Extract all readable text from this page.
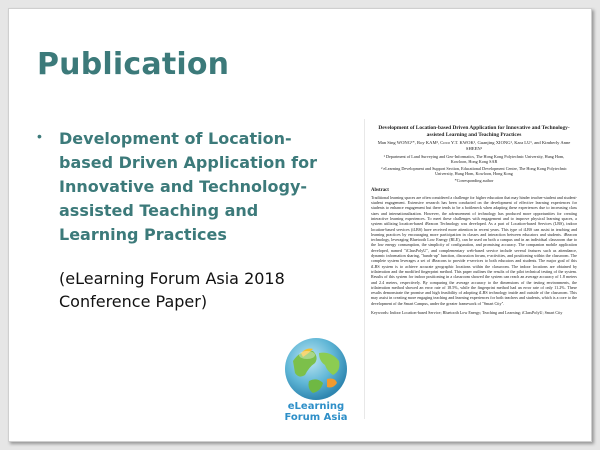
Publication
• Development of Location-based Driven Application for Innovative and Technology-assisted Teaching and Learning Practices
(eLearning Forum Asia 2018 Conference Paper)
eLearning
Forum Asia
Development of Location-based Driven Application for Innovative and Technology-assisted Learning and Teaching Practices
Man Sing WONG¹*, Roy KAM², Coco Y.T. KWOK¹, Guanjing XIONG¹, Kara LU¹, and Kimberly Anne SHEEN¹
¹ Department of Land Surveying and Geo-Informatics, The Hong Kong Polytechnic University, Hung Hom, Kowloon, Hong Kong SAR
² eLearning Development and Support Section, Educational Development Centre, The Hong Kong Polytechnic University, Hung Hom, Kowloon, Hong Kong
*Corresponding author
Abstract
Traditional learning spaces are often considered a challenge for higher education that may hinder teacher-student and student-student engagement. Extensive research has been conducted on the development of effective learning experiences for students to enhance engagement but there tends to be a bottleneck when adapting these experiences due to increasing class sizes and internationalization. However, the advancement of technology has produced more opportunities for creating interactive learning experiences. To meet these challenges with engagement and to improve physical learning spaces, a system utilizing location-based iBeacon Technology was developed. As a part of Location-based Services (LBS), indoor location-based services (iLBS) have received more attention in recent years. This type of iLBS can assist in teaching and learning practices by encouraging more participation in classes and interaction between educators and students. iBeacon technology, leveraging Bluetooth Low Energy (BLE), can be used on both a campus and in an individual classroom due to the low energy consumption, the simplicity of configuration, and promising accuracy. The companion mobile application developed, named "iClassPolyU", and complementary web-based service include several features such as attendance, dynamic information sharing, "hands-up" function, discussion forum, e-activities, and positioning within the classroom. The complete system leverages a set of iBeacons to provide e-services to both educators and students. The major goal of this iLBS system is to achieve accurate geographic locations within the classroom. The indoor locations are obtained by trilateration and the modified fingerprint method. This paper outlines the results of the pilot technical testing of the system. Results of this system for indoor positioning in a classroom showed the system can reach an average accuracy of 1.8 meters and 2.4 meters, respectively. By comparing the average accuracy to the dimensions of the testing environments, the trilateration method showed an error rate of 18.5%, while the fingerprint method had an error rate of only 11.2%. These results demonstrate the promise and high feasibility of adopting iLBS technology inside and outside of the classroom. This may assist in creating more engaging teaching and learning experiences for both teachers and students, which is a core to the development of the Smart Campus, under the greater framework of "Smart City".
Keywords: Indoor Location-based Service; Bluetooth Low Energy; Teaching and Learning; iClassPolyU; Smart City
